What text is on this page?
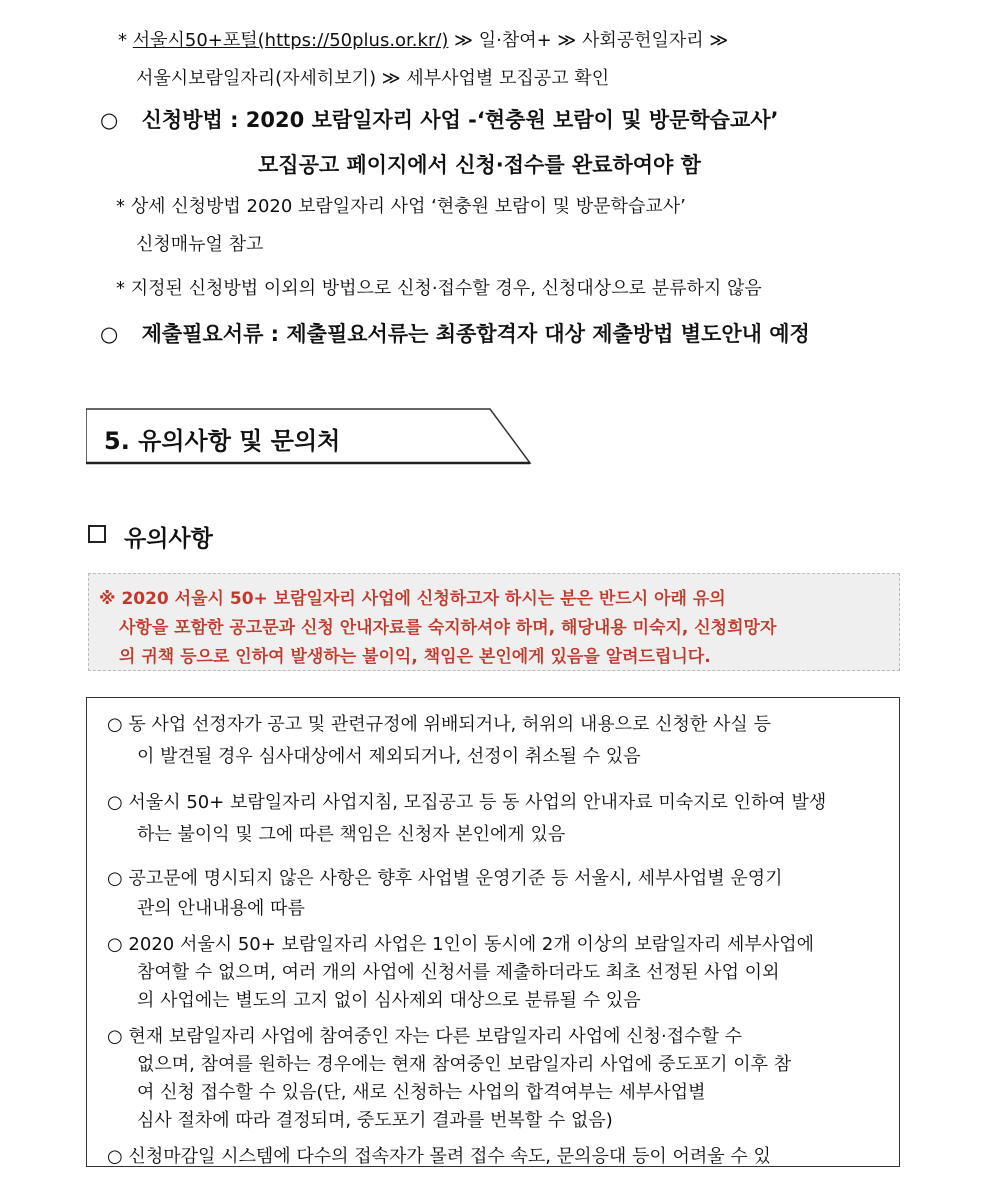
* 서울시50+포털(https://50plus.or.kr/) ≫ 일·참여+ ≫ 사회공헌일자리 ≫
서울시보람일자리(자세히보기) ≫ 세부사업별 모집공고 확인
○ 신청방법 : 2020 보람일자리 사업 -‘현충원 보람이 및 방문학습교사’
모집공고 페이지에서 신청·접수를 완료하여야 함
* 상세 신청방법 2020 보람일자리 사업 ‘현충원 보람이 및 방문학습교사’
신청매뉴얼 참고
* 지정된 신청방법 이외의 방법으로 신청·접수할 경우, 신청대상으로 분류하지 않음
○ 제출필요서류 : 제출필요서류는 최종합격자 대상 제출방법 별도안내 예정
5. 유의사항 및 문의처
유의사항
※ 2020 서울시 50+ 보람일자리 사업에 신청하고자 하시는 분은 반드시 아래 유의
사항을 포함한 공고문과 신청 안내자료를 숙지하셔야 하며, 해당내용 미숙지, 신청희망자
의 귀책 등으로 인하여 발생하는 불이익, 책임은 본인에게 있음을 알려드립니다.
○ 동 사업 선정자가 공고 및 관련규정에 위배되거나, 허위의 내용으로 신청한 사실 등
이 발견될 경우 심사대상에서 제외되거나, 선정이 취소될 수 있음
○ 서울시 50+ 보람일자리 사업지침, 모집공고 등 동 사업의 안내자료 미숙지로 인하여 발생
하는 불이익 및 그에 따른 책임은 신청자 본인에게 있음
○ 공고문에 명시되지 않은 사항은 향후 사업별 운영기준 등 서울시, 세부사업별 운영기
관의 안내내용에 따름
○ 2020 서울시 50+ 보람일자리 사업은 1인이 동시에 2개 이상의 보람일자리 세부사업에
참여할 수 없으며, 여러 개의 사업에 신청서를 제출하더라도 최초 선정된 사업 이외
의 사업에는 별도의 고지 없이 심사제외 대상으로 분류될 수 있음
○ 현재 보람일자리 사업에 참여중인 자는 다른 보람일자리 사업에 신청·접수할 수
없으며, 참여를 원하는 경우에는 현재 참여중인 보람일자리 사업에 중도포기 이후 참
여 신청 접수할 수 있음(단, 새로 신청하는 사업의 합격여부는 세부사업별
심사 절차에 따라 결정되며, 중도포기 결과를 번복할 수 없음)
○ 신청마감일 시스템에 다수의 접속자가 몰려 접수 속도, 문의응대 등이 어려울 수 있
